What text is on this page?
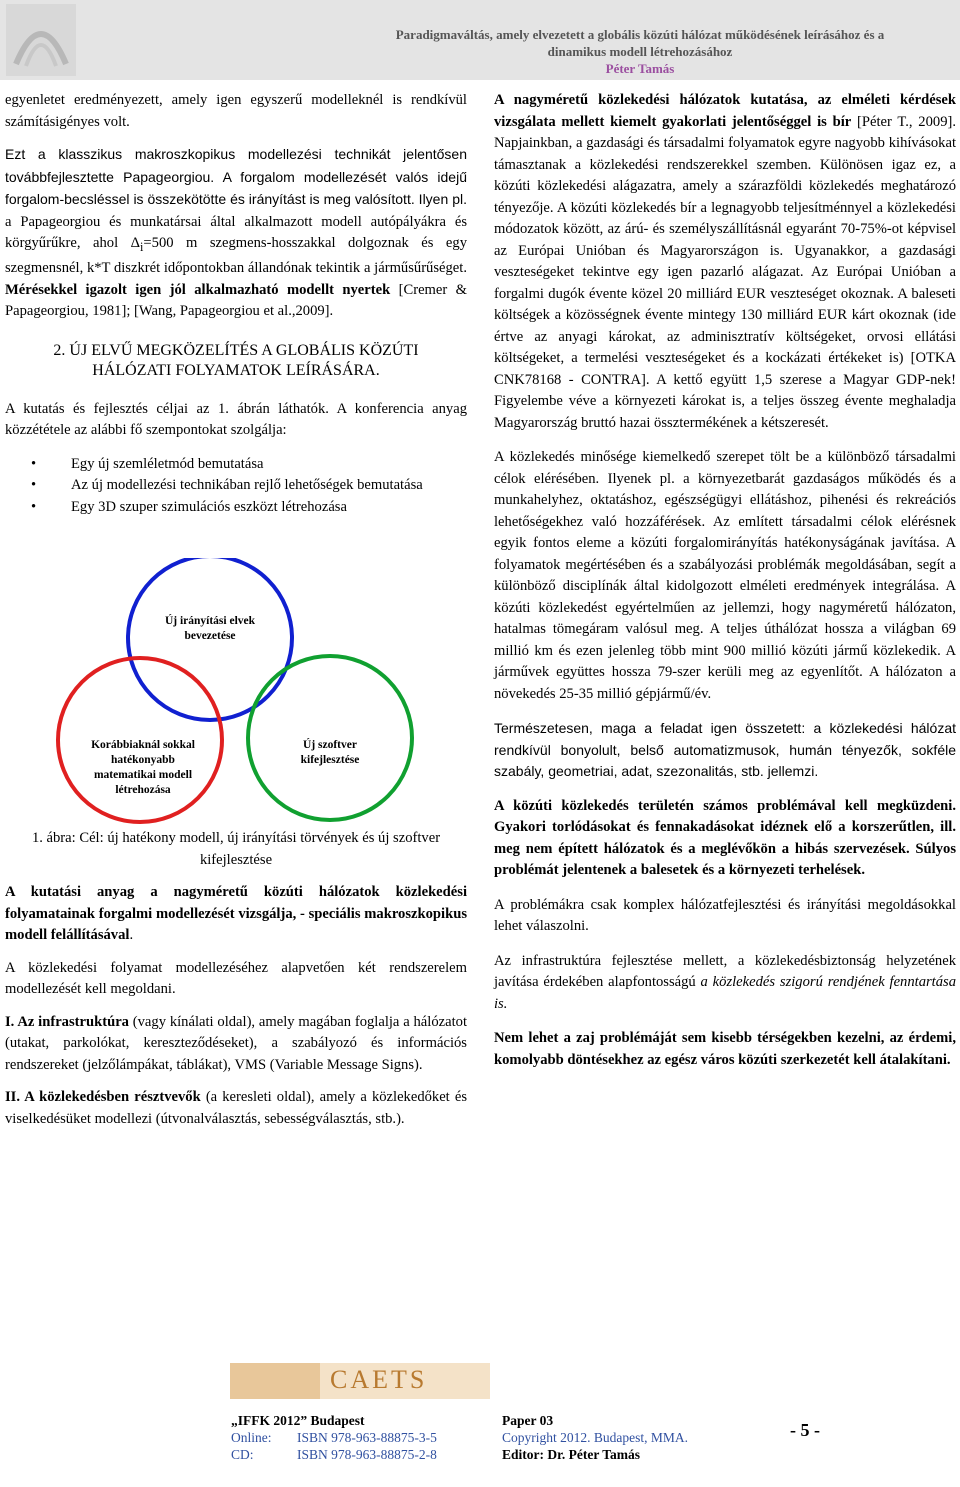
Paradigmaváltás, amely elvezetett a globális közúti hálózat működésének leírásához és a
dinamikus modell létrehozásához
Péter Tamás

egyenletet eredményezett, amely igen egyszerű modelleknél is rendkívül számításigényes volt.

Ezt a klasszikus makroszkopikus modellezési technikát jelentősen továbbfejlesztette Papageorgiou. A forgalom modellezését valós idejű forgalom-becsléssel is összekötötte és irányítást is meg valósított. Ilyen pl. a Papageorgiou és munkatársai által alkalmazott modell autópályákra és körgyűrűkre, ahol $\Delta_i=500$ m szegmens-hosszakkal dolgoznak és egy szegmensnél, k*T diszkrét időpontokban állandónak tekintik a járműsűrűséget. Mérésekkel igazolt igen jól alkalmazható modellt nyertek [Cremer & Papageorgiou, 1981]; [Wang, Papageorgiou et al.,2009].

2. ÚJ ELVŰ MEGKÖZELÍTÉS A GLOBÁLIS KÖZÚTI
HÁLÓZATI FOLYAMATOK LEÍRÁSÁRA.

A kutatás és fejlesztés céljai az 1. ábrán láthatók. A konferencia anyag közzététele az alábbi fő szempontokat szolgálja:

• Egy új szemléletmód bemutatása
• Az új modellezési technikában rejlő lehetőségek bemutatása
• Egy 3D szuper szimulációs eszközt létrehozása
Új irányítási elvek bevezetése
Korábbiaknál sokkal hatékonyabb matematikai modell létrehozása
Új szoftver kifejlesztése

1. ábra: Cél: új hatékony modell, új irányítási törvények és új szoftver kifejlesztése

A kutatási anyag a nagyméretű közúti hálózatok közlekedési folyamatainak forgalmi modellezését vizsgálja, - speciális makroszkopikus modell felállításával.

A közlekedési folyamat modellezéséhez alapvetően két rendszerelem modellezését kell megoldani.

I. Az infrastruktúra (vagy kínálati oldal), amely magában foglalja a hálózatot (utakat, parkolókat, kereszteződéseket), a szabályozó és információs rendszereket (jelzőlámpákat, táblákat), VMS (Variable Message Signs).

II. A közlekedésben résztvevők (a keresleti oldal), amely a közlekedőket és viselkedésüket modellezi (útvonalválasztás, sebességválasztás, stb.).

A nagyméretű közlekedési hálózatok kutatása, az elméleti kérdések vizsgálata mellett kiemelt gyakorlati jelentőséggel is bír [Péter T., 2009]. Napjainkban, a gazdasági és társadalmi folyamatok egyre nagyobb kihívásokat támasztanak a közlekedési rendszerekkel szemben. Különösen igaz ez, a közúti közlekedési alágazatra, amely a szárazföldi közlekedés meghatározó tényezője. A közúti közlekedés bír a legnagyobb teljesítménnyel a közlekedési módozatok között, az árú- és személyszállításnál egyaránt 70-75%-ot képvisel az Európai Unióban és Magyarországon is. Ugyanakkor, a gazdasági veszteségeket tekintve egy igen pazarló alágazat. Az Európai Unióban a forgalmi dugók évente közel 20 milliárd EUR veszteséget okoznak. A baleseti költségek a közösségnek évente mintegy 130 milliárd EUR kárt okoznak (ide értve az anyagi károkat, az adminisztratív költségeket, orvosi ellátási költségeket, a termelési veszteségeket és a kockázati értékeket is) [OTKA CNK78168 - CONTRA]. A kettő együtt 1,5 szerese a Magyar GDP-nek! Figyelembe véve a környezeti károkat is, a teljes összeg évente meghaladja Magyarország bruttó hazai össztermékének a kétszeresét.

A közlekedés minősége kiemelkedő szerepet tölt be a különböző társadalmi célok elérésében. Ilyenek pl. a környezetbarát gazdaságos működés és a munkahelyhez, oktatáshoz, egészségügyi ellátáshoz, pihenési és rekreációs lehetőségekhez való hozzáférések. Az említett társadalmi célok elérésnek egyik fontos eleme a közúti forgalomirányítás hatékonyságának javítása. A folyamatok megértésében és a szabályozási problémák megoldásában, segít a különböző disciplínák által kidolgozott elméleti eredmények integrálása. A közúti közlekedést egyértelműen az jellemzi, hogy nagyméretű hálózaton, hatalmas tömegáram valósul meg. A teljes úthálózat hossza a világban 69 millió km és ezen jelenleg több mint 900 millió közúti jármű közlekedik. A járművek együttes hossza 79-szer kerüli meg az egyenlítőt. A hálózaton a növekedés 25-35 millió gépjármű/év.

Természetesen, maga a feladat igen összetett: a közlekedési hálózat rendkívül bonyolult, belső automatizmusok, humán tényezők, sokféle szabály, geometriai, adat, szezonalitás, stb. jellemzi.

A közúti közlekedés területén számos problémával kell megküzdeni. Gyakori torlódásokat és fennakadásokat idéznek elő a korszerűtlen, ill. meg nem épített hálózatok és a meglévőkön a hibás szervezések. Súlyos problémát jelentenek a balesetek és a környezeti terhelések.

A problémákra csak komplex hálózatfejlesztési és irányítási megoldásokkal lehet válaszolni.

Az infrastruktúra fejlesztése mellett, a közlekedésbiztonság helyzetének javítása érdekében alapfontosságú a közlekedés szigorú rendjének fenntartása is.

Nem lehet a zaj problémáját sem kisebb térségekben kezelni, az érdemi, komolyabb döntésekhez az egész város közúti szerkezetét kell átalakítani.

CAETS
„IFFK 2012” Budapest
Online: ISBN 978-963-88875-3-5
CD:	ISBN 978-963-88875-2-8
Paper 03
Copyright 2012. Budapest, MMA.
Editor: Dr. Péter Tamás
- 5 -
